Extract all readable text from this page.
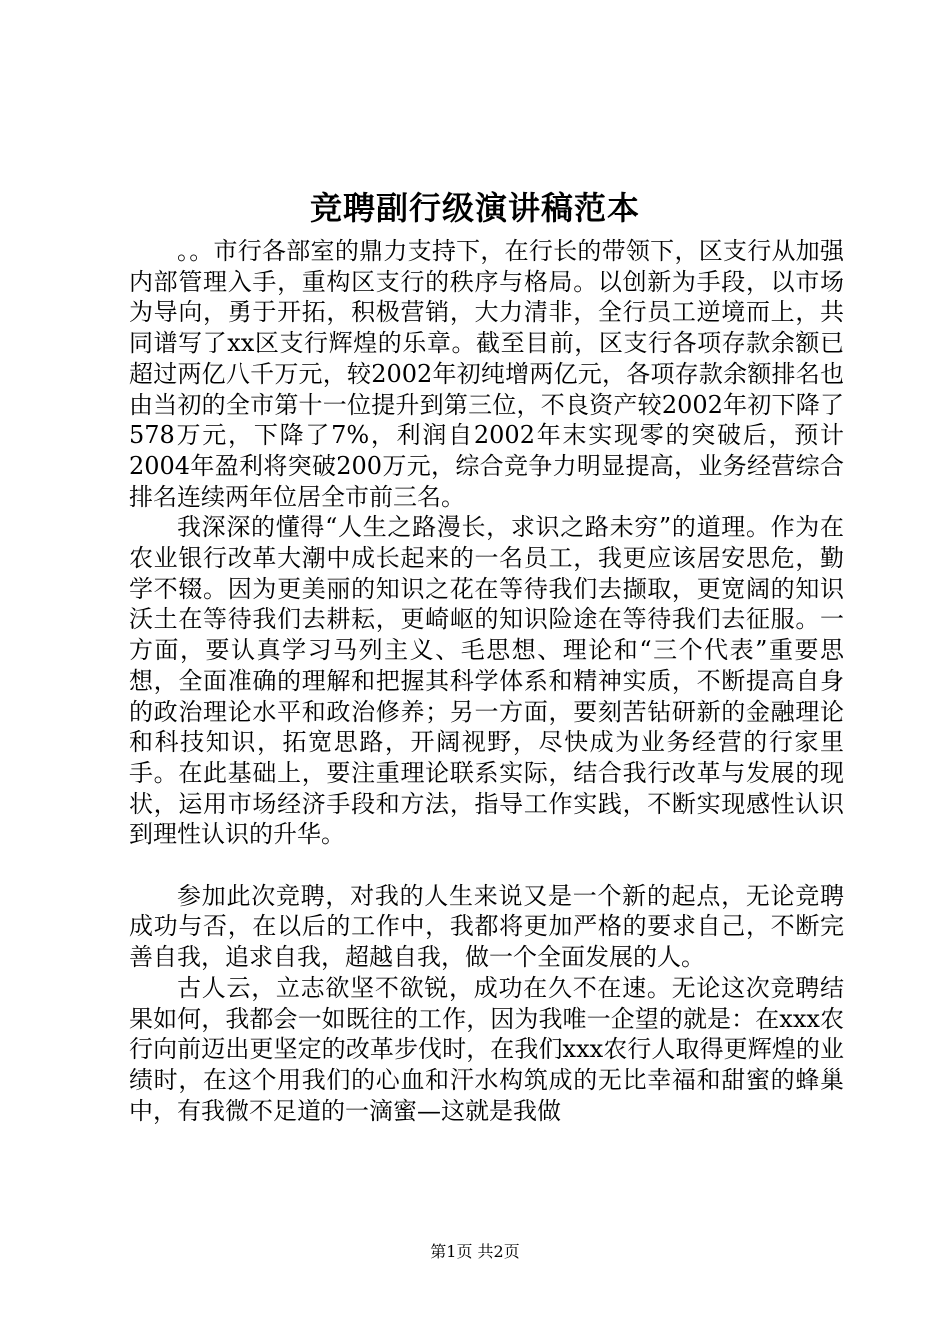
竞聘副行级演讲稿范本

。。市行各部室的鼎力支持下，在行长的带领下，区支行从加强内部管理入手，重构区支行的秩序与格局。以创新为手段，以市场为导向，勇于开拓，积极营销，大力清非，全行员工逆境而上，共同谱写了xx区支行辉煌的乐章。截至目前，区支行各项存款余额已超过两亿八千万元，较2002年初纯增两亿元，各项存款余额排名也由当初的全市第十一位提升到第三位，不良资产较2002年初下降了578万元，下降了7%，利润自2002年末实现零的突破后，预计2004年盈利将突破200万元，综合竞争力明显提高，业务经营综合排名连续两年位居全市前三名。

我深深的懂得“人生之路漫长，求识之路未穷”的道理。作为在农业银行改革大潮中成长起来的一名员工，我更应该居安思危，勤学不辍。因为更美丽的知识之花在等待我们去撷取，更宽阔的知识沃土在等待我们去耕耘，更崎岖的知识险途在等待我们去征服。一方面，要认真学习马列主义、毛思想、理论和“三个代表”重要思想，全面准确的理解和把握其科学体系和精神实质，不断提高自身的政治理论水平和政治修养；另一方面，要刻苦钻研新的金融理论和科技知识，拓宽思路，开阔视野，尽快成为业务经营的行家里手。在此基础上，要注重理论联系实际，结合我行改革与发展的现状，运用市场经济手段和方法，指导工作实践，不断实现感性认识到理性认识的升华。

参加此次竞聘，对我的人生来说又是一个新的起点，无论竞聘成功与否，在以后的工作中，我都将更加严格的要求自己，不断完善自我，追求自我，超越自我，做一个全面发展的人。

古人云，立志欲坚不欲锐，成功在久不在速。无论这次竞聘结果如何，我都会一如既往的工作，因为我唯一企望的就是：在xxx农行向前迈出更坚定的改革步伐时，在我们xxx农行人取得更辉煌的业绩时，在这个用我们的心血和汗水构筑成的无比幸福和甜蜜的蜂巢中，有我微不足道的一滴蜜—这就是我做

第1页 共2页
